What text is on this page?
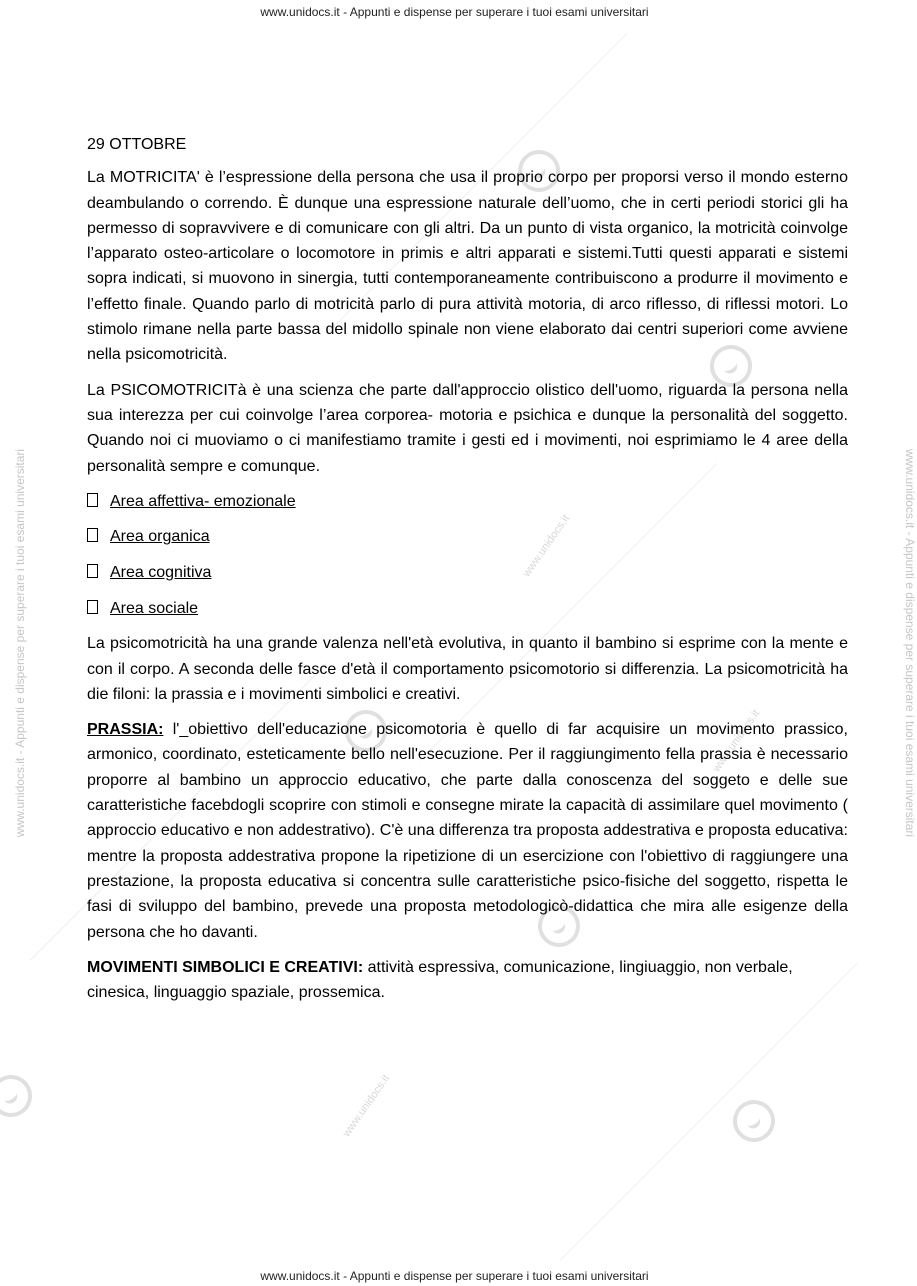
www.unidocs.it
www.unidocs.it
www.unidocs.it
www.unidocs.it - Appunti e dispense per superare i tuoi esami universitari	www.unidocs.it - Appunti e dispense per superare i tuoi esami universitari
www.unidocs.it - Appunti e dispense per superare i tuoi esami universitari

29 OTTOBRE

La MOTRICITA' è l’espressione della persona che usa il proprio corpo per proporsi verso il mondo esterno deambulando o correndo. È dunque una espressione naturale dell’uomo, che in certi periodi storici gli ha permesso di sopravvivere e di comunicare con gli altri. Da un punto di vista organico, la motricità coinvolge l’apparato osteo-articolare o locomotore in primis e altri apparati e sistemi.Tutti questi apparati e sistemi sopra indicati, si muovono in sinergia, tutti contemporaneamente contribuiscono a produrre il movimento e l’effetto finale. Quando parlo di motricità parlo di pura attività motoria, di arco riflesso, di riflessi motori. Lo stimolo rimane nella parte bassa del midollo spinale non viene elaborato dai centri superiori come avviene nella psicomotricità.

La PSICOMOTRICITà è una scienza che parte dall'approccio olistico dell'uomo, riguarda la persona nella sua interezza per cui coinvolge l’area corporea- motoria e psichica e dunque la personalità del soggetto. Quando noi ci muoviamo o ci manifestiamo tramite i gesti ed i movimenti, noi esprimiamo le 4 aree della personalità sempre e comunque.

Area affettiva- emozionale

Area organica

Area cognitiva

Area sociale

La psicomotricità ha una grande valenza nell'età evolutiva, in quanto il bambino si esprime con la mente e con il corpo. A seconda delle fasce d'età il comportamento psicomotorio si differenzia. La psicomotricità ha die filoni: la prassia e i movimenti simbolici e creativi.

PRASSIA: l'_obiettivo dell'educazione psicomotoria è quello di far acquisire un movimento prassico, armonico, coordinato, esteticamente bello nell'esecuzione. Per il raggiungimento fella prassia è necessario proporre al bambino un approccio educativo, che parte dalla conoscenza del soggeto e delle sue caratteristiche facebdogli scoprire con stimoli e consegne mirate la capacità di assimilare quel movimento ( approccio educativo e non addestrativo). C'è una differenza tra proposta addestrativa e proposta educativa: mentre la proposta addestrativa propone la ripetizione di un esercizione con l'obiettivo di raggiungere una prestazione, la proposta educativa si concentra sulle caratteristiche psico-fisiche del soggetto, rispetta le fasi di sviluppo del bambino, prevede una proposta metodologicò-didattica che mira alle esigenze della persona che ho davanti.

MOVIMENTI SIMBOLICI E CREATIVI: attività espressiva, comunicazione, lingiuaggio, non verbale, cinesica, linguaggio spaziale, prossemica.

www.unidocs.it - Appunti e dispense per superare i tuoi esami universitari
